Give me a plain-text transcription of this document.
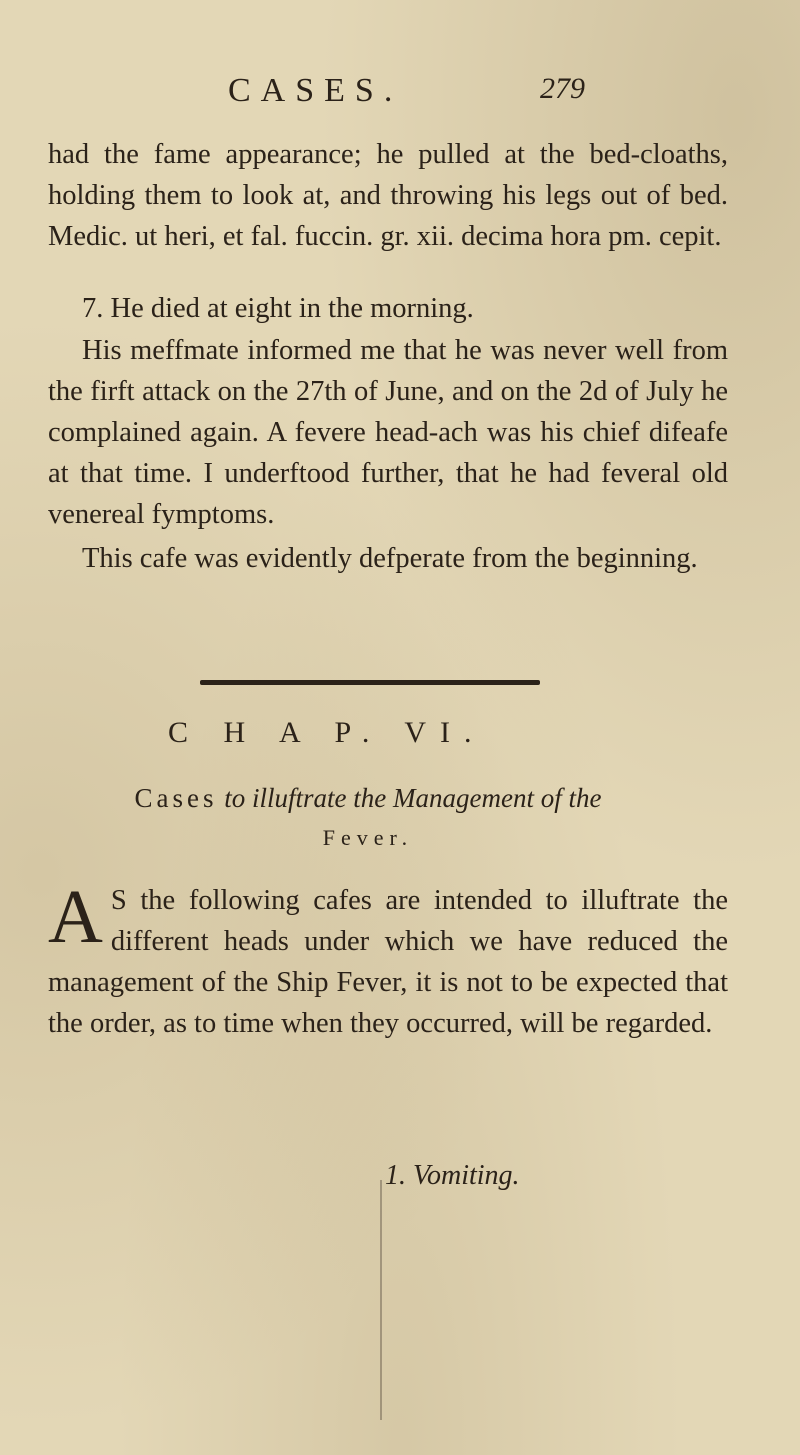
CASES.	279
had the fame appearance; he pulled at the bed-cloaths, holding them to look at, and throwing his legs out of bed. Medic. ut heri, et fal. fuccin. gr. xii. decima hora pm. cepit.
7. He died at eight in the morning.
His meffmate informed me that he was never well from the firft attack on the 27th of June, and on the 2d of July he complained again. A fevere head-ach was his chief difeafe at that time. I underftood further, that he had feveral old venereal fymptoms.
This cafe was evidently defperate from the beginning.
C H A P. VI.
Cases to illuftrate the Management of the
Fever.
A S the following cafes are intended to illuftrate the different heads under which we have reduced the management of the Ship Fever, it is not to be expected that the order, as to time when they occurred, will be regarded.
1. Vomiting.
